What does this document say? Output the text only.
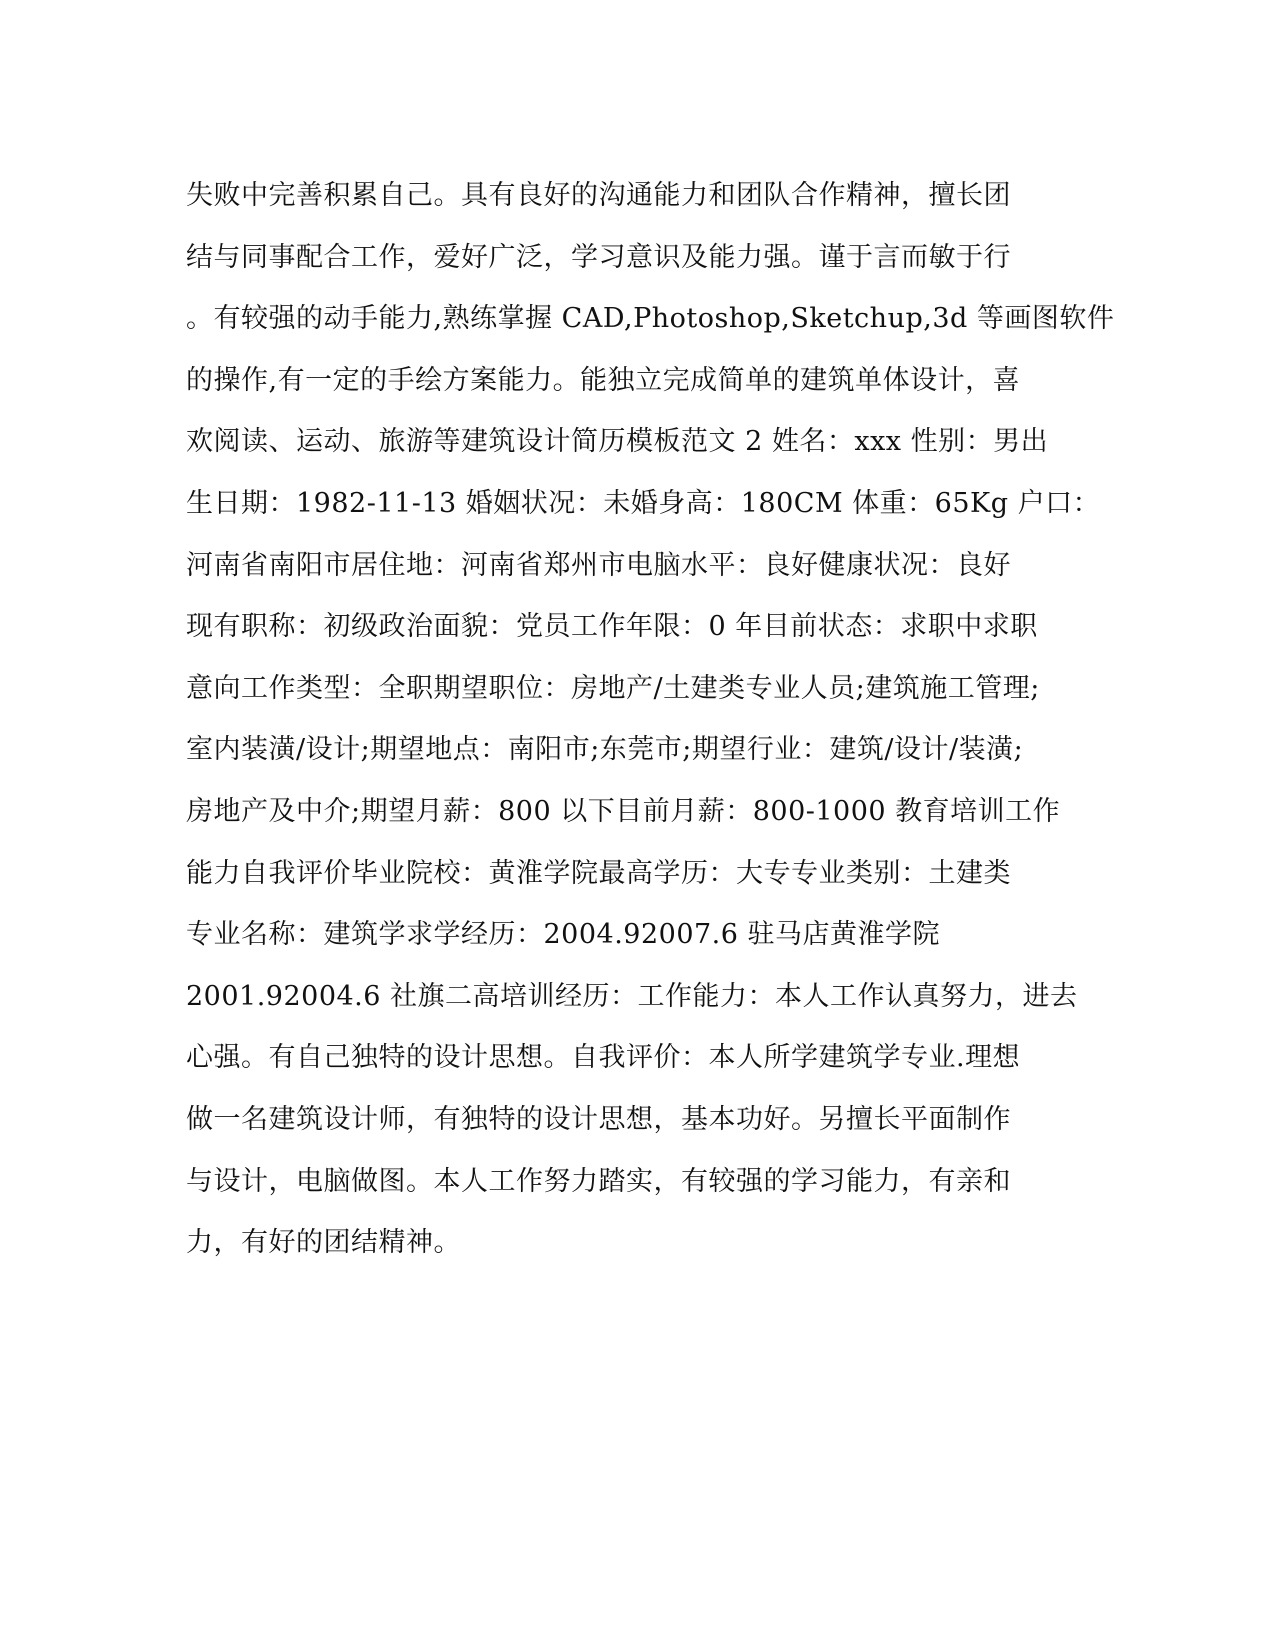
失败中完善积累自己。具有良好的沟通能力和团队合作精神，擅长团
结与同事配合工作，爱好广泛，学习意识及能力强。谨于言而敏于行
。有较强的动手能力,熟练掌握 CAD,Photoshop,Sketchup,3d 等画图软件
的操作,有一定的手绘方案能力。能独立完成简单的建筑单体设计，喜
欢阅读、运动、旅游等建筑设计简历模板范文 2 姓名：xxx 性别：男出
生日期：1982-11-13 婚姻状况：未婚身高：180CM 体重：65Kg 户口：
河南省南阳市居住地：河南省郑州市电脑水平：良好健康状况：良好
现有职称：初级政治面貌：党员工作年限：0 年目前状态：求职中求职
意向工作类型：全职期望职位：房地产/土建类专业人员;建筑施工管理;
室内装潢/设计;期望地点：南阳市;东莞市;期望行业：建筑/设计/装潢;
房地产及中介;期望月薪：800 以下目前月薪：800-1000 教育培训工作
能力自我评价毕业院校：黄淮学院最高学历：大专专业类别：土建类
专业名称：建筑学求学经历：2004.92007.6 驻马店黄淮学院
2001.92004.6 社旗二高培训经历：工作能力：本人工作认真努力，进去
心强。有自己独特的设计思想。自我评价：本人所学建筑学专业.理想
做一名建筑设计师，有独特的设计思想，基本功好。另擅长平面制作
与设计，电脑做图。本人工作努力踏实，有较强的学习能力，有亲和
力，有好的团结精神。
